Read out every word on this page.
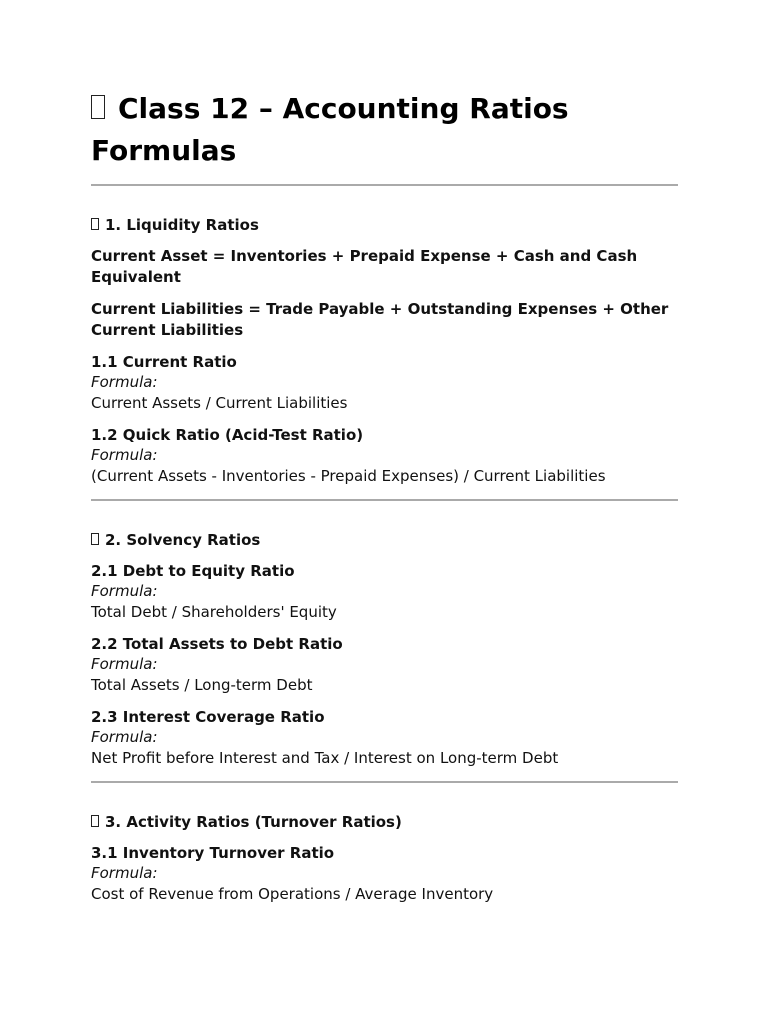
Class 12 – Accounting Ratios Formulas
1. Liquidity Ratios

Current Asset = Inventories + Prepaid Expense + Cash and Cash Equivalent

Current Liabilities = Trade Payable + Outstanding Expenses + Other Current Liabilities

1.1 Current Ratio
Formula:
Current Assets / Current Liabilities
1.2 Quick Ratio (Acid-Test Ratio)
Formula:
(Current Assets - Inventories - Prepaid Expenses) / Current Liabilities
2. Solvency Ratios
2.1 Debt to Equity Ratio
Formula:
Total Debt / Shareholders' Equity
2.2 Total Assets to Debt Ratio
Formula:
Total Assets / Long-term Debt
2.3 Interest Coverage Ratio
Formula:
Net Profit before Interest and Tax / Interest on Long-term Debt
3. Activity Ratios (Turnover Ratios)
3.1 Inventory Turnover Ratio
Formula:
Cost of Revenue from Operations / Average Inventory
